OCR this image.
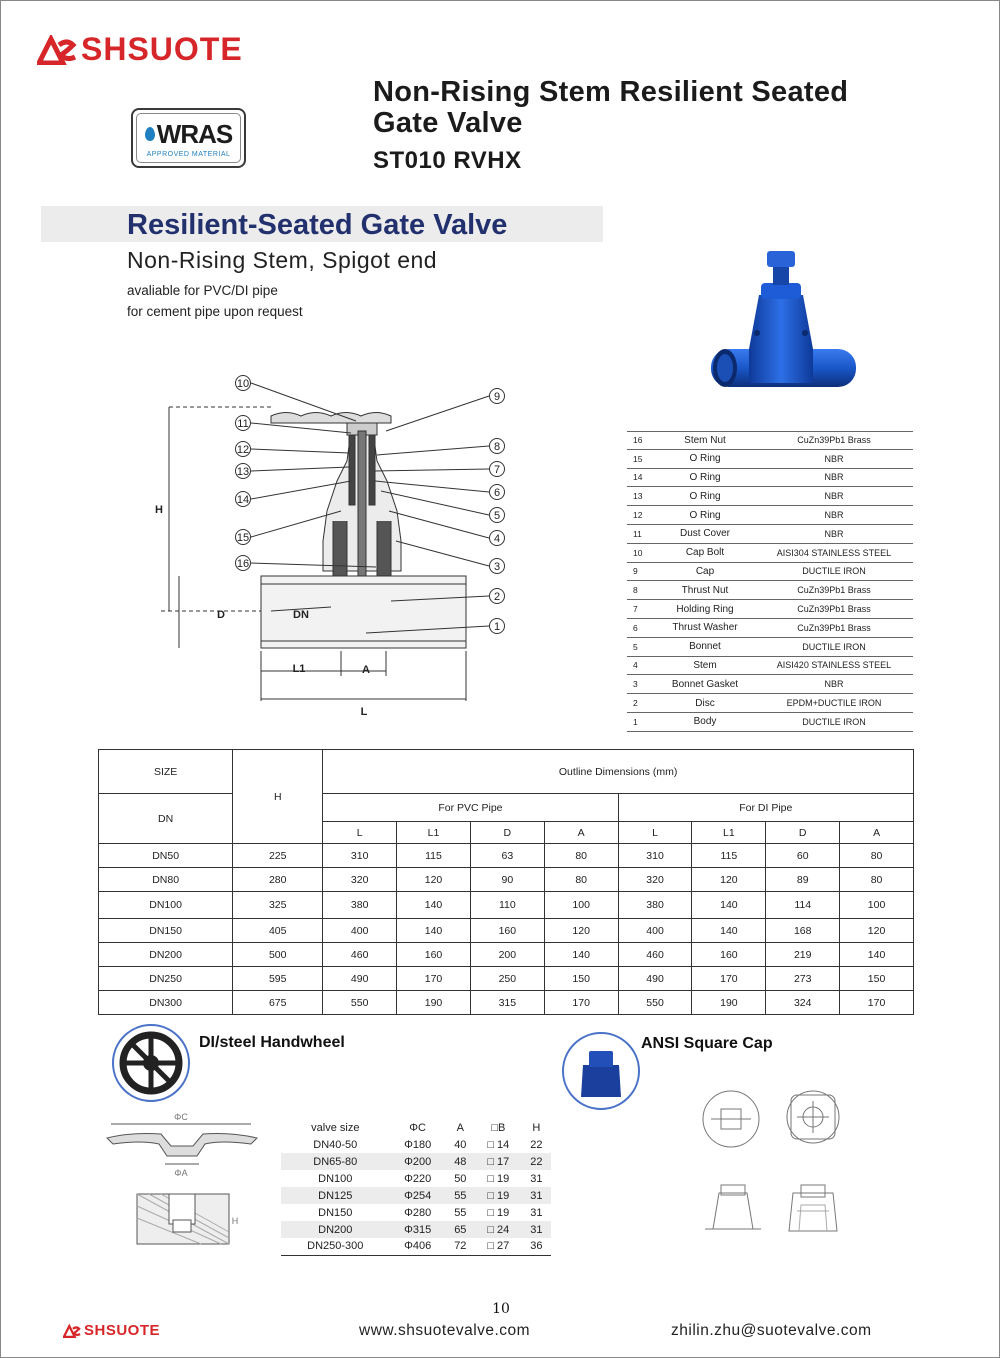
SHSUOTE
WRAS
APPROVED MATERIAL
Non-Rising Stem Resilient Seated
Gate Valve
ST010 RVHX
Resilient-Seated Gate Valve
Non-Rising Stem, Spigot end
avaliable for PVC/DI pipe
for cement pipe upon request
10
11
12
13
14
15
16
9
8
7
6
5
4
3
2
1
H
D	DN
L1	A
L
16	Stem Nut	CuZn39Pb1 Brass
15	O Ring	NBR
14	O Ring	NBR
13	O Ring	NBR
12	O Ring	NBR
11	Dust Cover	NBR
10	Cap Bolt	AISI304 STAINLESS STEEL
9	Cap	DUCTILE IRON
8	Thrust Nut	CuZn39Pb1 Brass
7	Holding Ring	CuZn39Pb1 Brass
6	Thrust Washer	CuZn39Pb1 Brass
5	Bonnet	DUCTILE IRON
4	Stem	AISI420 STAINLESS STEEL
3	Bonnet Gasket	NBR
2	Disc	EPDM+DUCTILE IRON
1	Body	DUCTILE IRON
SIZE	H	Outline Dimensions (mm)							
DN		For PVC Pipe				For DI Pipe			
		L	L1	D	A	L	L1	D	A
DN50	225	310	115	63	80	310	115	60	80
DN80	280	320	120	90	80	320	120	89	80
DN100	325	380	140	110	100	380	140	114	100
DN150	405	400	140	160	120	400	140	168	120
DN200	500	460	160	200	140	460	160	219	140
DN250	595	490	170	250	150	490	170	273	150
DN300	675	550	190	315	170	550	190	324	170
DI/steel Handwheel
ΦC
ΦA
H
valve size	ΦC	A	□B	H
DN40-50	Φ180	40	□ 14	22
DN65-80	Φ200	48	□ 17	22
DN100	Φ220	50	□ 19	31
DN125	Φ254	55	□ 19	31
DN150	Φ280	55	□ 19	31
DN200	Φ315	65	□ 24	31
DN250-300	Φ406	72	□ 27	36
ANSI Square Cap
10
SHSUOTE	www.shsuotevalve.com	zhilin.zhu@suotevalve.com
